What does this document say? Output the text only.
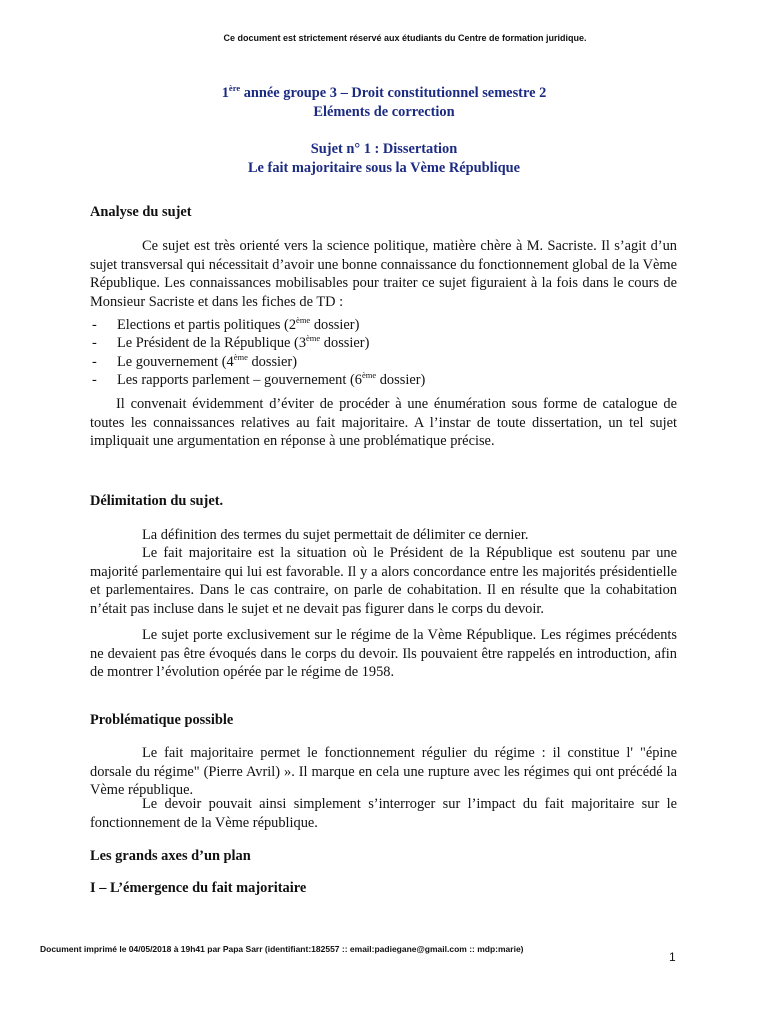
Ce document est strictement réservé aux étudiants du Centre de formation juridique.
1ère année groupe 3 – Droit constitutionnel semestre 2
Eléments de correction
Sujet n° 1 : Dissertation
Le fait majoritaire sous la Vème République
Analyse du sujet
Ce sujet est très orienté vers la science politique, matière chère à M. Sacriste. Il s’agit d’un sujet transversal qui nécessitait d’avoir une bonne connaissance du fonctionnement global de la Vème République. Les connaissances mobilisables pour traiter ce sujet figuraient à la fois dans le cours de Monsieur Sacriste et dans les fiches de TD :
- Elections et partis politiques (2ème dossier)
- Le Président de la République (3ème dossier)
- Le gouvernement (4ème dossier)
- Les rapports parlement – gouvernement (6ème dossier)
Il convenait évidemment d’éviter de procéder à une énumération sous forme de catalogue de toutes les connaissances relatives au fait majoritaire. A l’instar de toute dissertation, un tel sujet impliquait une argumentation en réponse à une problématique précise.
Délimitation du sujet.
La définition des termes du sujet permettait de délimiter ce dernier.
Le fait majoritaire est la situation où le Président de la République est soutenu par une majorité parlementaire qui lui est favorable. Il y a alors concordance entre les majorités présidentielle et parlementaires. Dans le cas contraire, on parle de cohabitation. Il en résulte que la cohabitation n’était pas incluse dans le sujet et ne devait pas figurer dans le corps du devoir.
Le sujet porte exclusivement sur le régime de la Vème République. Les régimes précédents ne devaient pas être évoqués dans le corps du devoir. Ils pouvaient être rappelés en introduction, afin de montrer l’évolution opérée par le régime de 1958.
Problématique possible
Le fait majoritaire permet le fonctionnement régulier du régime : il constitue l' "épine dorsale du régime" (Pierre Avril) ». Il marque en cela une rupture avec les régimes qui ont précédé la Vème république.
Le devoir pouvait ainsi simplement s’interroger sur l’impact du fait majoritaire sur le fonctionnement de la Vème république.
Les grands axes d’un plan
I – L’émergence du fait majoritaire
Document imprimé le 04/05/2018 à 19h41 par Papa Sarr (identifiant:182557 :: email:padiegane@gmail.com :: mdp:marie)
1
